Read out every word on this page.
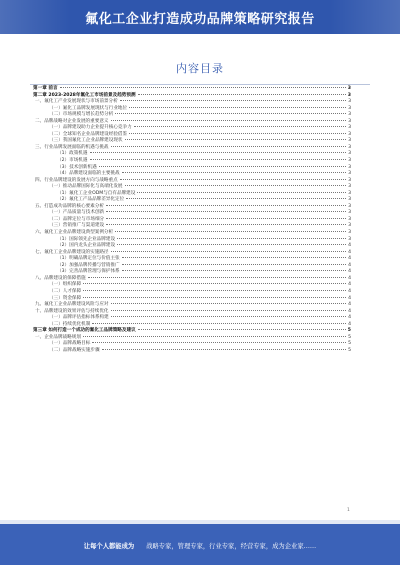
氟化工企业打造成功品牌策略研究报告
内容目录
第一章 前言	3
第二章 2023-2028年氟化工市场前景及趋势预测	3
一、氟化工产业发展现状与市场前景分析	3
（一）氟化工品牌发展现状与行业地位	3
（二）市场规模与增长趋势分析	3
二、品牌战略对企业发展的重要意义	3
（一）品牌建设助力企业提升核心竞争力	3
（二）全球知名企业品牌建设经验借鉴	3
（三）我国氟化工企业品牌建设现状	3
三、行业品牌发展面临的机遇与挑战	3
（1）政策机遇	3
（2）市场机遇	3
（3）技术创新机遇	3
（4）品牌建设面临的主要挑战	3
四、行业品牌建设的发展方向与战略重点	3
（一）推动品牌国际化与高端化发展	3
（1）氟化工企业ODM与自有品牌建设	3
（2）氟化工产品品牌差异化定位	3
五、打造成功品牌的核心要素分析	3
（一）产品质量与技术创新	3
（二）品牌定位与市场细分	3
（三）营销推广与渠道建设	3
六、氟化工企业品牌建设典型案例分析	3
（1）国际领先企业品牌建设	3
（2）国内龙头企业品牌建设	4
七、氟化工企业品牌建设的实施路径	4
（1）明确品牌定位与价值主张	4
（2）加强品牌传播与营销推广	4
（3）完善品牌管理与保护体系	4
八、品牌建设的保障措施	4
（一）组织保障	4
（二）人才保障	4
（三）资金保障	4
九、氟化工企业品牌建设风险与应对	4
十、品牌建设的效果评估与持续优化	4
（一）品牌评估指标体系构建	4
（二）持续优化机制	4
第三章 如何打造一个成功的氟化工品牌策略及建议	5
一、企业品牌战略规划	5
（一）品牌战略目标	5
（二）品牌战略实施步骤	5
1
让每个人都能成为 战略专家，管理专家，行业专家，经营专家，成为企业家……
